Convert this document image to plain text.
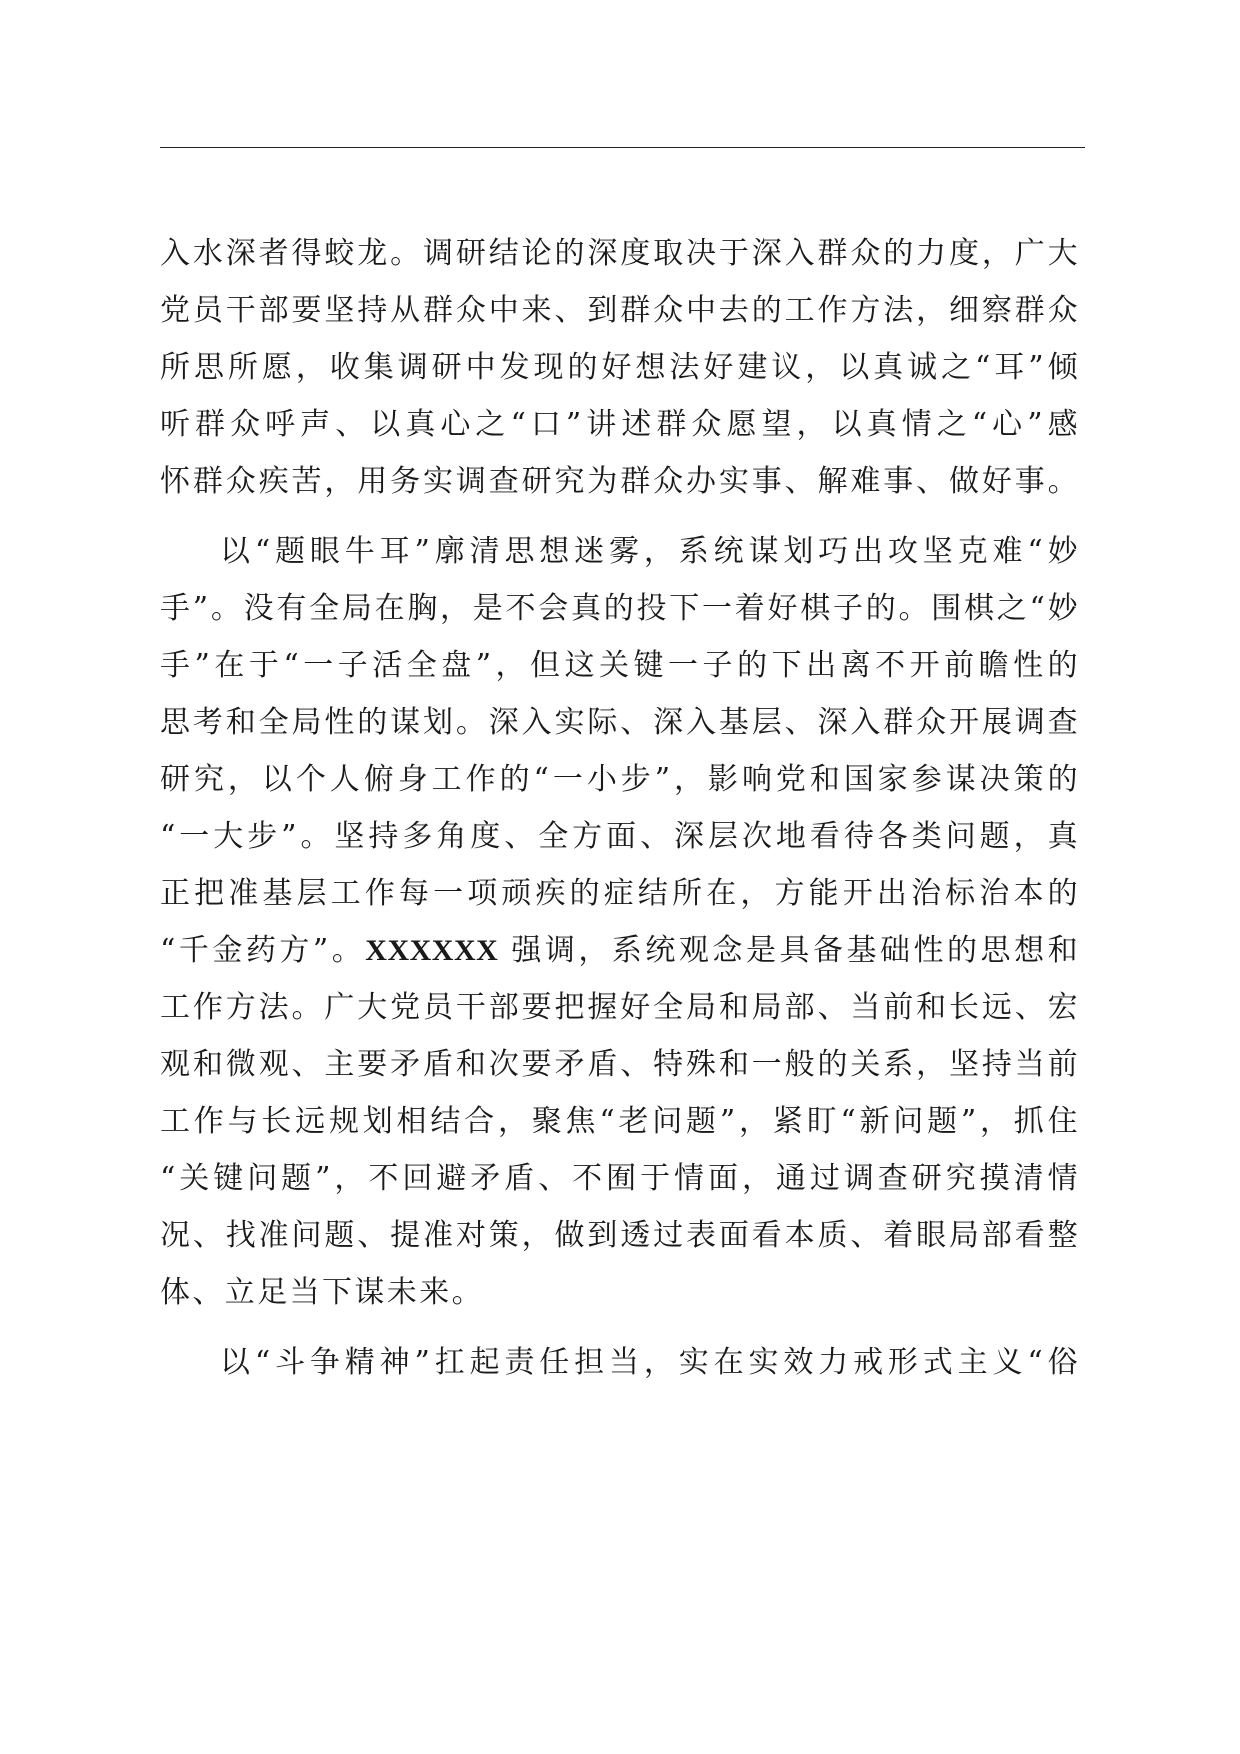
入水深者得蛟龙。调研结论的深度取决于深入群众的力度，广大
党员干部要坚持从群众中来、到群众中去的工作方法，细察群众
所思所愿，收集调研中发现的好想法好建议，以真诚之“耳”倾
听群众呼声、以真心之“口”讲述群众愿望，以真情之“心”感
怀群众疾苦，用务实调查研究为群众办实事、解难事、做好事。

以“题眼牛耳”廓清思想迷雾，系统谋划巧出攻坚克难“妙
手”。没有全局在胸，是不会真的投下一着好棋子的。围棋之“妙
手”在于“一子活全盘”，但这关键一子的下出离不开前瞻性的
思考和全局性的谋划。深入实际、深入基层、深入群众开展调查
研究，以个人俯身工作的“一小步”，影响党和国家参谋决策的
“一大步”。坚持多角度、全方面、深层次地看待各类问题，真
正把准基层工作每一项顽疾的症结所在，方能开出治标治本的
“千金药方”。XXXXXX 强调，系统观念是具备基础性的思想和
工作方法。广大党员干部要把握好全局和局部、当前和长远、宏
观和微观、主要矛盾和次要矛盾、特殊和一般的关系，坚持当前
工作与长远规划相结合，聚焦“老问题”，紧盯“新问题”，抓住
“关键问题”，不回避矛盾、不囿于情面，通过调查研究摸清情
况、找准问题、提准对策，做到透过表面看本质、着眼局部看整
体、立足当下谋未来。

以“斗争精神”扛起责任担当，实在实效力戒形式主义“俗
